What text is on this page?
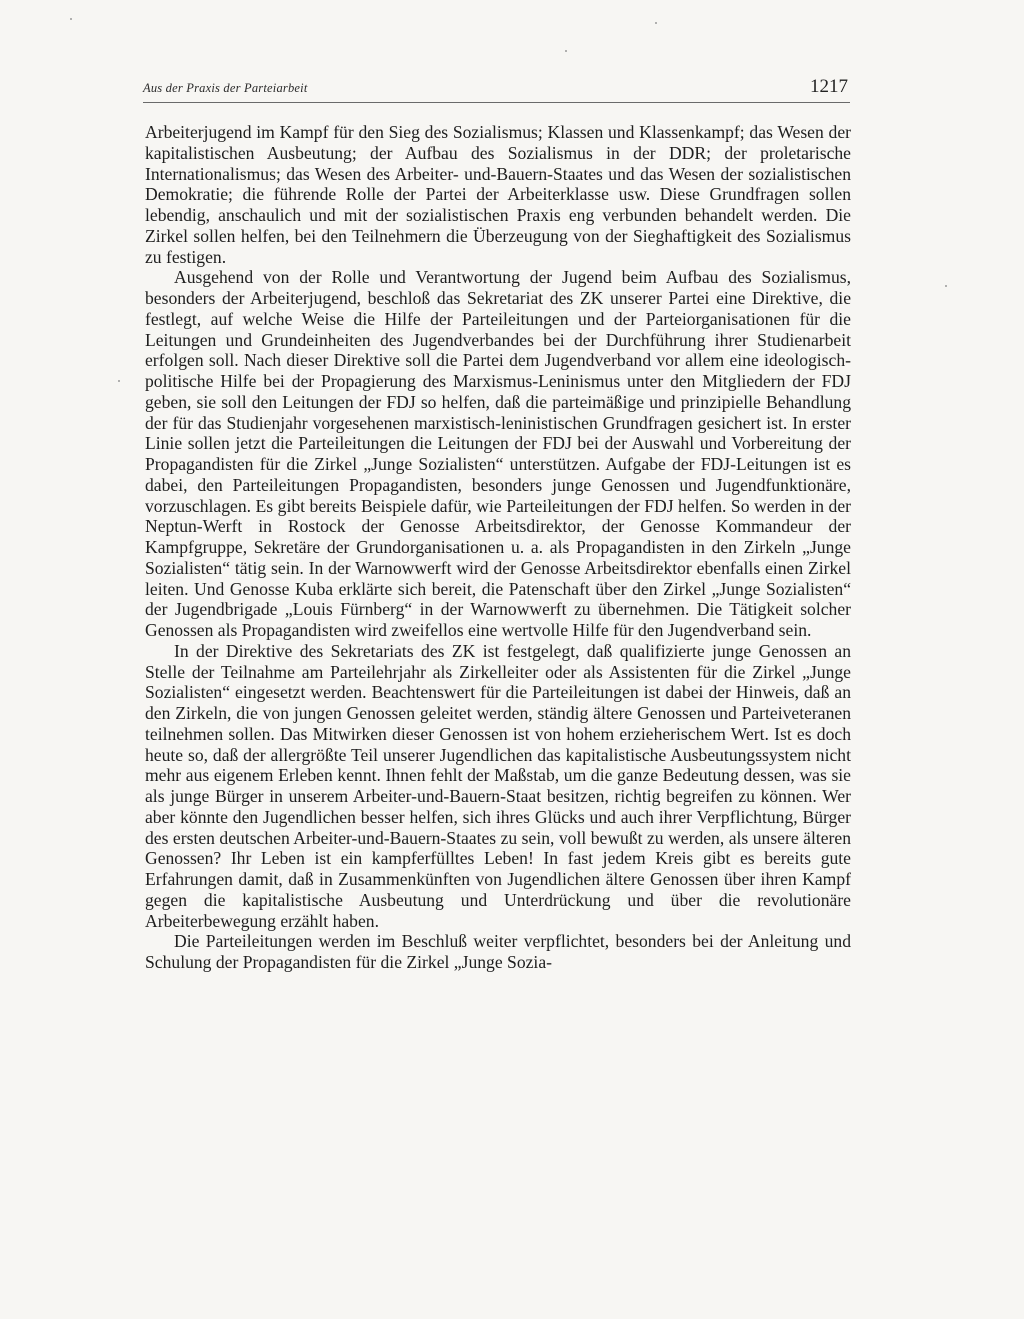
Aus der Praxis der Parteiarbeit	1217

Arbeiterjugend im Kampf für den Sieg des Sozialismus; Klassen und Klassenkampf; das Wesen der kapitalistischen Ausbeutung; der Aufbau des Sozialismus in der DDR; der proletarische Internationalismus; das Wesen des Arbeiter- und-Bauern-Staates und das Wesen der sozialistischen Demokratie; die führende Rolle der Partei der Arbeiterklasse usw. Diese Grundfragen sollen lebendig, anschaulich und mit der sozialistischen Praxis eng verbunden behandelt werden. Die Zirkel sollen helfen, bei den Teilnehmern die Überzeugung von der Sieghaftigkeit des Sozialismus zu festigen.

Ausgehend von der Rolle und Verantwortung der Jugend beim Aufbau des Sozialismus, besonders der Arbeiterjugend, beschloß das Sekretariat des ZK unserer Partei eine Direktive, die festlegt, auf welche Weise die Hilfe der Parteileitungen und der Parteiorganisationen für die Leitungen und Grundeinheiten des Jugendverbandes bei der Durchführung ihrer Studienarbeit erfolgen soll. Nach dieser Direktive soll die Partei dem Jugendverband vor allem eine ideologisch-politische Hilfe bei der Propagierung des Marxismus-Leninismus unter den Mitgliedern der FDJ geben, sie soll den Leitungen der FDJ so helfen, daß die parteimäßige und prinzipielle Behandlung der für das Studienjahr vorgesehenen marxistisch-leninistischen Grundfragen gesichert ist. In erster Linie sollen jetzt die Parteileitungen die Leitungen der FDJ bei der Auswahl und Vorbereitung der Propagandisten für die Zirkel „Junge Sozialisten“ unterstützen. Aufgabe der FDJ-Leitungen ist es dabei, den Parteileitungen Propagandisten, besonders junge Genossen und Jugendfunktionäre, vorzuschlagen. Es gibt bereits Beispiele dafür, wie Parteileitungen der FDJ helfen. So werden in der Neptun-Werft in Rostock der Genosse Arbeitsdirektor, der Genosse Kommandeur der Kampfgruppe, Sekretäre der Grundorganisationen u. a. als Propagandisten in den Zirkeln „Junge Sozialisten“ tätig sein. In der Warnowwerft wird der Genosse Arbeitsdirektor ebenfalls einen Zirkel leiten. Und Genosse Kuba erklärte sich bereit, die Patenschaft über den Zirkel „Junge Sozialisten“ der Jugendbrigade „Louis Fürnberg“ in der Warnowwerft zu übernehmen. Die Tätigkeit solcher Genossen als Propagandisten wird zweifellos eine wertvolle Hilfe für den Jugendverband sein.

In der Direktive des Sekretariats des ZK ist festgelegt, daß qualifizierte junge Genossen an Stelle der Teilnahme am Parteilehrjahr als Zirkelleiter oder als Assistenten für die Zirkel „Junge Sozialisten“ eingesetzt werden. Beachtenswert für die Parteileitungen ist dabei der Hinweis, daß an den Zirkeln, die von jungen Genossen geleitet werden, ständig ältere Genossen und Parteiveteranen teilnehmen sollen. Das Mitwirken dieser Genossen ist von hohem erzieherischem Wert. Ist es doch heute so, daß der allergrößte Teil unserer Jugendlichen das kapitalistische Ausbeutungssystem nicht mehr aus eigenem Erleben kennt. Ihnen fehlt der Maßstab, um die ganze Bedeutung dessen, was sie als junge Bürger in unserem Arbeiter-und-Bauern-Staat besitzen, richtig begreifen zu können. Wer aber könnte den Jugendlichen besser helfen, sich ihres Glücks und auch ihrer Verpflichtung, Bürger des ersten deutschen Arbeiter-und-Bauern-Staates zu sein, voll bewußt zu werden, als unsere älteren Genossen? Ihr Leben ist ein kampferfülltes Leben! In fast jedem Kreis gibt es bereits gute Erfahrungen damit, daß in Zusammenkünften von Jugendlichen ältere Genossen über ihren Kampf gegen die kapitalistische Ausbeutung und Unterdrückung und über die revolutionäre Arbeiterbewegung erzählt haben.

Die Parteileitungen werden im Beschluß weiter verpflichtet, besonders bei der Anleitung und Schulung der Propagandisten für die Zirkel „Junge Sozia-
